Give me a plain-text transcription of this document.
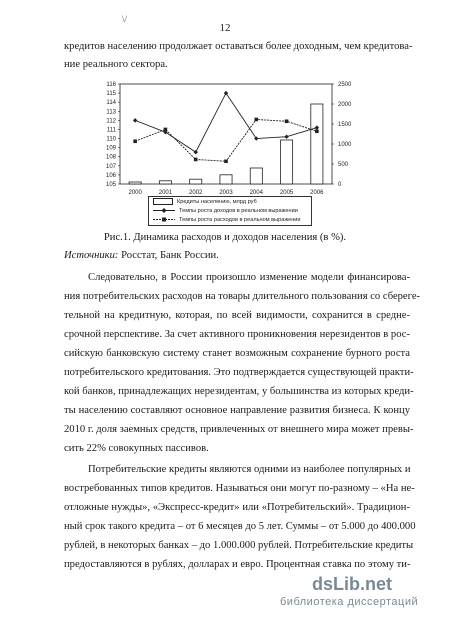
\/
12
кредитов населению продолжает оставаться более доходным, чем кредитова-
ние реального сектора.
105
106
107
108
109
110
111
112
113
114
115
116
0
500
1000
1500
2000
2500
2000	2001	2002	2003	2004	2005	2006
Кредиты населению, млрд руб
Темпы роста доходов в реальном выражении
Темпы роста расходов в реальном выражении
Рис.1. Динамика расходов и доходов населения (в %).
Источники: Росстат, Банк России.
Следовательно, в России произошло изменение модели финансирова-
ния потребительских расходов на товары длительного пользования со сбереге-
тельной на кредитную, которая, по всей видимости, сохранится в средне-
срочной перспективе. За счет активного проникновения нерезидентов в рос-
сийскую банковскую систему станет возможным сохранение бурного роста
потребительского кредитования. Это подтверждается существующей практи-
кой банков, принадлежащих нерезидентам, у большинства из которых креди-
ты населению составляют основное направление развития бизнеса. К концу
2010 г. доля заемных средств, привлеченных от внешнего мира может превы-
сить 22% совокупных пассивов.
Потребительские кредиты являются одними из наиболее популярных и
востребованных типов кредитов. Называться они могут по-разному – «На не-
отложные нужды», «Экспресс-кредит» или «Потребительский». Традицион-
ный срок такого кредита – от 6 месяцев до 5 лет. Суммы – от 5.000 до 400.000
рублей, в некоторых банках – до 1.000.000 рублей. Потребительские кредиты
предоставляются в рублях, долларах и евро. Процентная ставка по этому ти-
dsLib.net
библиотека диссертаций
